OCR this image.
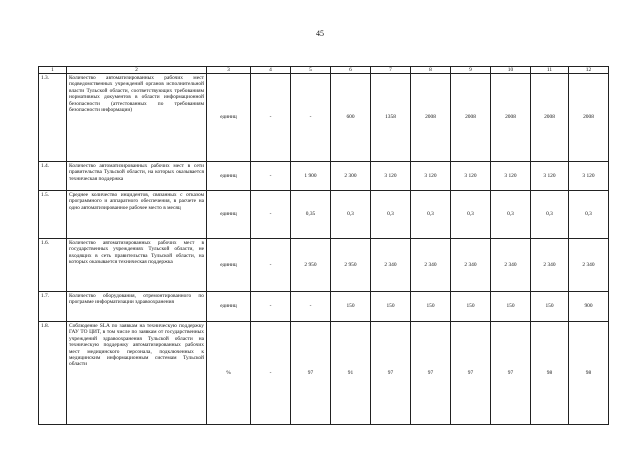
45
1	2	3	4	5	6	7	8	9	10	11	12
1.3.	Количество автоматизированных рабочих мест подведомственных учреждений органов исполнительной власти Тульской области, соответствующих требованиям нормативных документов в области информационной безопасности (аттестованных по требованиям безопасности информации)	единиц	-	-	600	1358	2008	2008	2008	2008	2008
1.4.	Количество автоматизированных рабочих мест в сети правительства Тульской области, на которых оказывается техническая поддержка	единиц	-	1 900	2 300	3 120	3 120	3 120	3 120	3 120	3 120
1.5.	Среднее количество инцидентов, связанных с отказом программного и аппаратного обеспечения, в расчете на одно автоматизированное рабочее место в месяц	единиц	-	0,35	0,3	0,3	0,3	0,3	0,3	0,3	0,3
1.6.	Количество автоматизированных рабочих мест в государственных учреждениях Тульской области, не входящих в сеть правительства Тульской области, на которых оказывается техническая поддержка	единиц	-	2 950	2 950	2 340	2 340	2 340	2 340	2 340	2 340
1.7.	Количество оборудования, отремонтированного по программе информатизации здравоохранения	единиц	-	-	150	150	150	150	150	150	900
1.8.	Соблюдение SLA по заявкам на техническую поддержку ГАУ ТО ЦИТ, в том числе по заявкам от государственных учреждений здравоохранения Тульской области на техническую поддержку автоматизированных рабочих мест медицинского персонала, подключенных к медицинским информационным системам Тульской области	%	-	97	91	97	97	97	97	98	98
